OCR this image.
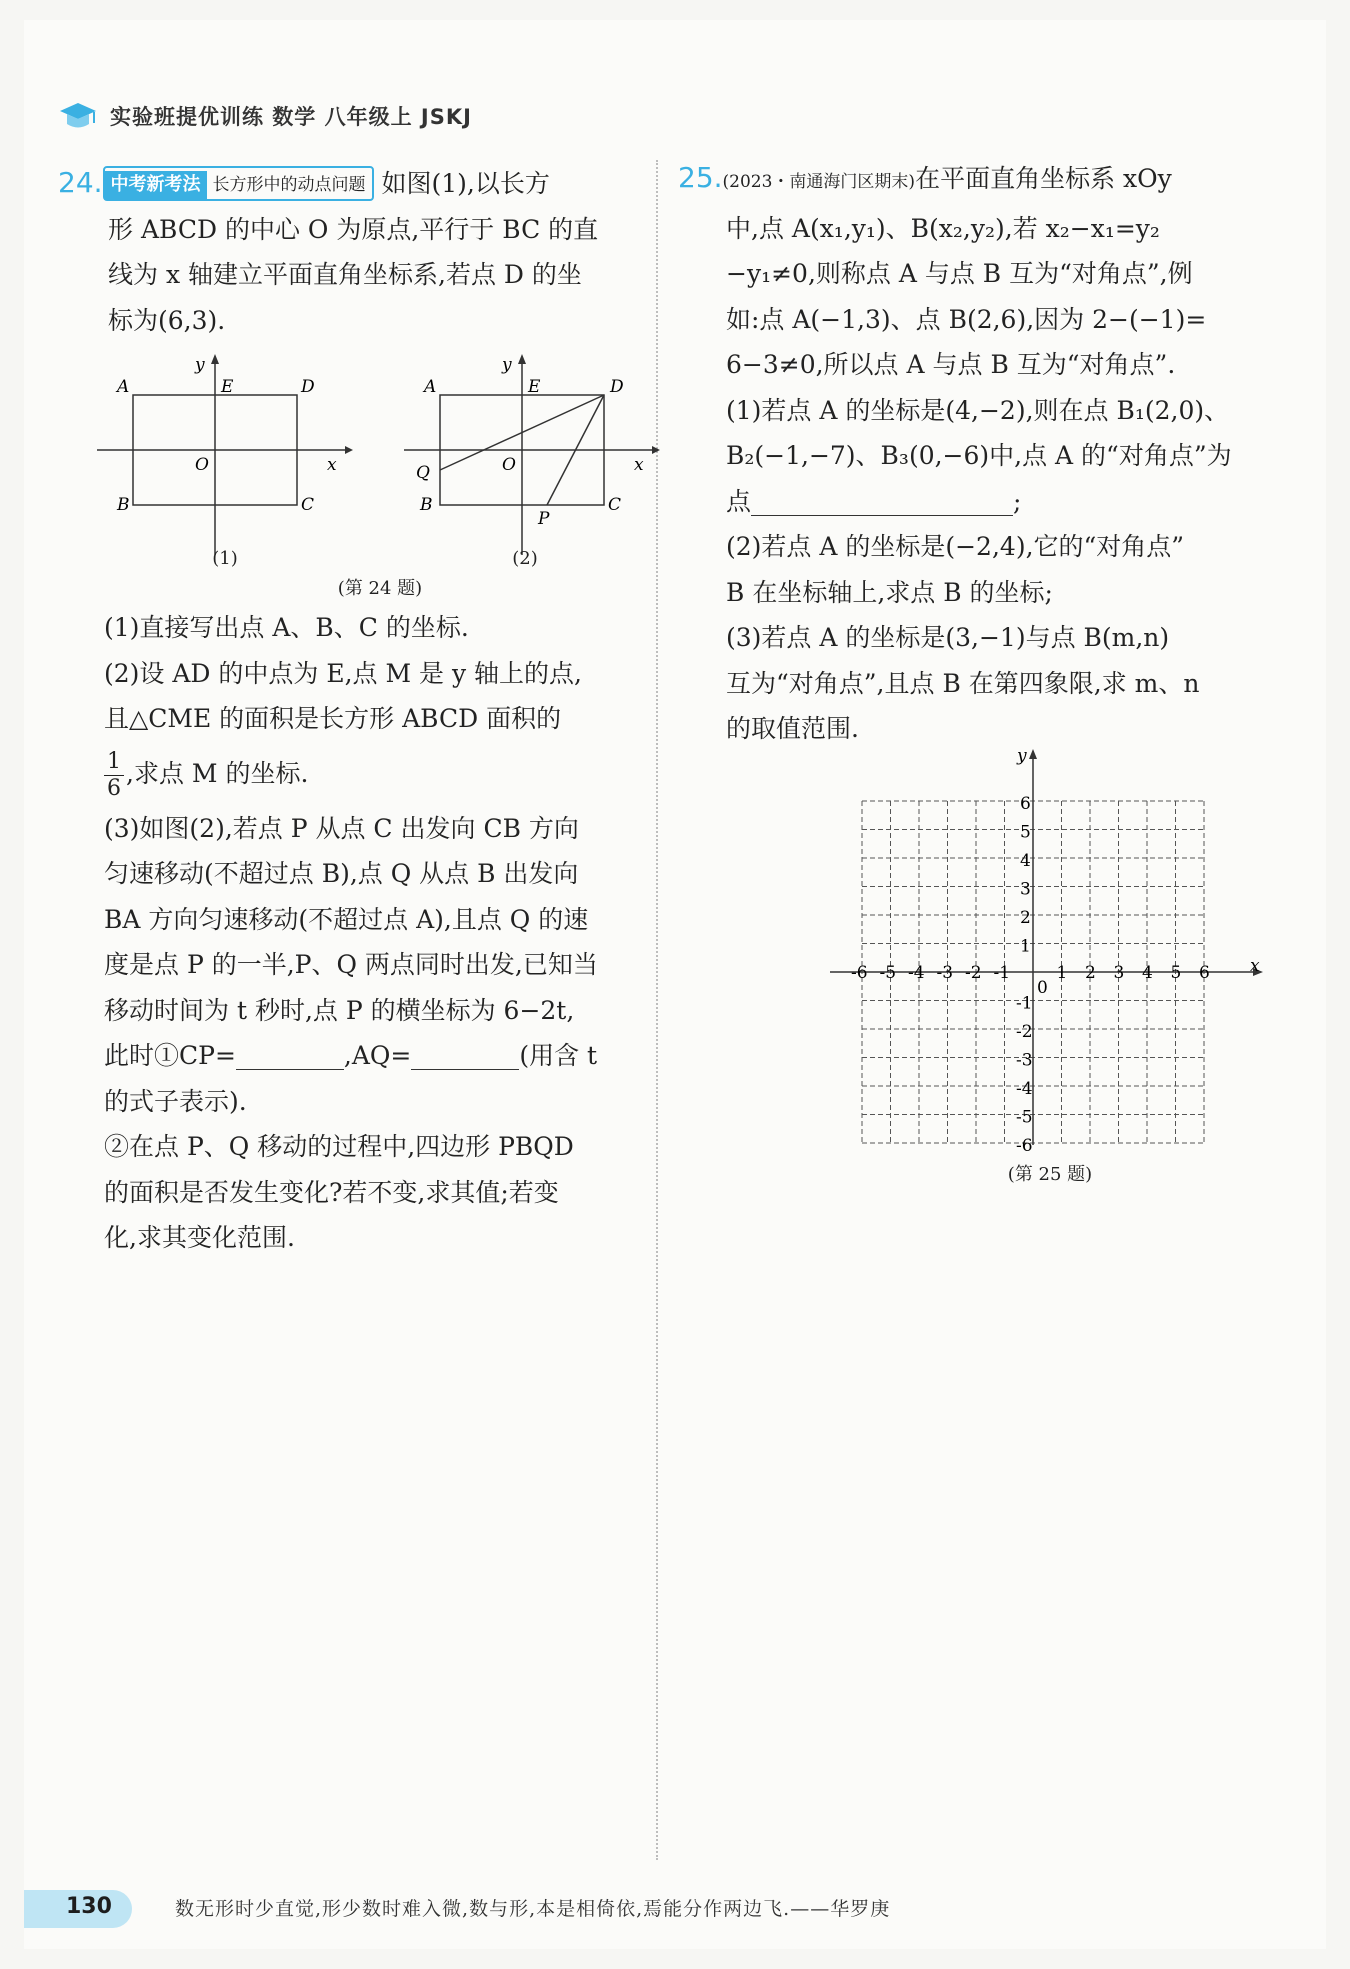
实验班提优训练 数学 八年级上 JSKJ

24. 中考新考法 长方形中的动点问题 如图(1),以长方

形 ABCD 的中心 O 为原点,平行于 BC 的直

线为 x 轴建立平面直角坐标系,若点 D 的坐

标为(6,3).

A	E	D
y
O	x
B	C
(1)
A	E	D
y
O	x
Q
B	C
P
(2)
(第 24 题)

(1)直接写出点 A、B、C 的坐标.

(2)设 AD 的中点为 E,点 M 是 y 轴上的点,

且△CME 的面积是长方形 ABCD 面积的

$\frac{1}{6}$ ,求点 M 的坐标.

(3)如图(2),若点 P 从点 C 出发向 CB 方向

匀速移动(不超过点 B),点 Q 从点 B 出发向

BA 方向匀速移动(不超过点 A),且点 Q 的速

度是点 P 的一半,P、Q 两点同时出发,已知当

移动时间为 t 秒时,点 P 的横坐标为 6−2t,

此时①CP=	,AQ=	(用含 t

的式子表示).

②在点 P、Q 移动的过程中,四边形 PBQD

的面积是否发生变化?若不变,求其值;若变

化,求其变化范围.

25.(2023・南通海门区期末)在平面直角坐标系 xOy

中,点 A(x₁,y₁)、B(x₂,y₂),若 x₂−x₁=y₂

−y₁≠0,则称点 A 与点 B 互为“对角点”,例

如:点 A(−1,3)、点 B(2,6),因为 2−(−1)=

6−3≠0,所以点 A 与点 B 互为“对角点”.

(1)若点 A 的坐标是(4,−2),则在点 B₁(2,0)、

B₂(−1,−7)、B₃(0,−6)中,点 A 的“对角点”为

点	;

(2)若点 A 的坐标是(−2,4),它的“对角点”

B 在坐标轴上,求点 B 的坐标;

(3)若点 A 的坐标是(3,−1)与点 B(m,n)

互为“对角点”,且点 B 在第四象限,求 m、n

的取值范围.

y
x
0
-6 -5 -4 -3 -2 -1	1 2 3 4 5 6
6
5
4
3
2
1
-1
-2
-3
-4
-5
-6
(第 25 题)
130	数无形时少直觉,形少数时难入微,数与形,本是相倚依,焉能分作两边飞.——华罗庚
